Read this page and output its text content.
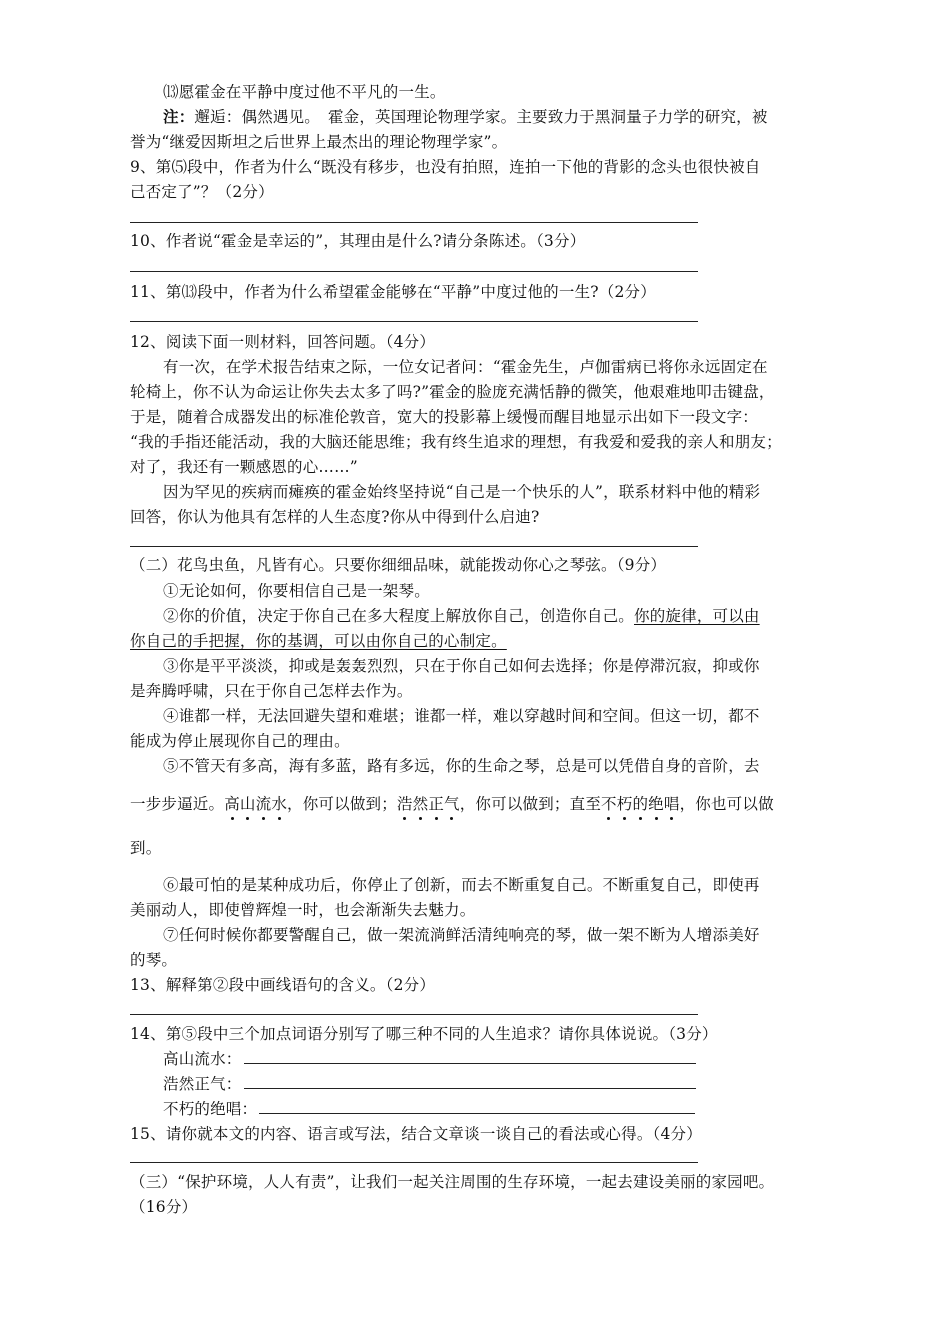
⒀愿霍金在平静中度过他不平凡的一生。
注：邂逅：偶然遇见。　霍金，英国理论物理学家。主要致力于黑洞量子力学的研究，被
誉为“继爱因斯坦之后世界上最杰出的理论物理学家”。
9、第⑸段中，作者为什么“既没有移步，也没有拍照，连拍一下他的背影的念头也很快被自
己否定了”？（2分）
10、作者说“霍金是幸运的”，其理由是什么?请分条陈述。（3分）
11、第⒀段中，作者为什么希望霍金能够在“平静”中度过他的一生?（2分）
12、阅读下面一则材料，回答问题。（4分）
有一次，在学术报告结束之际，一位女记者问：“霍金先生，卢伽雷病已将你永远固定在
轮椅上，你不认为命运让你失去太多了吗?”霍金的脸庞充满恬静的微笑，他艰难地叩击键盘，
于是，随着合成器发出的标准伦敦音，宽大的投影幕上缓慢而醒目地显示出如下一段文字：
“我的手指还能活动，我的大脑还能思维；我有终生追求的理想，有我爱和爱我的亲人和朋友；
对了，我还有一颗感恩的心……”
因为罕见的疾病而瘫痪的霍金始终坚持说“自己是一个快乐的人”，联系材料中他的精彩
回答，你认为他具有怎样的人生态度?你从中得到什么启迪?
（二）花鸟虫鱼，凡皆有心。只要你细细品味，就能拨动你心之琴弦。（9分）
①无论如何，你要相信自己是一架琴。
②你的价值，决定于你自己在多大程度上解放你自己，创造你自己。你的旋律，可以由
你自己的手把握，你的基调，可以由你自己的心制定。
③你是平平淡淡，抑或是轰轰烈烈，只在于你自己如何去选择；你是停滞沉寂，抑或你
是奔腾呼啸，只在于你自己怎样去作为。
④谁都一样，无法回避失望和难堪；谁都一样，难以穿越时间和空间。但这一切，都不
能成为停止展现你自己的理由。
⑤不管天有多高，海有多蓝，路有多远，你的生命之琴，总是可以凭借自身的音阶，去
一步步逼近。高山流水，你可以做到；浩然正气，你可以做到；直至不朽的绝唱，你也可以做
到。
⑥最可怕的是某种成功后，你停止了创新，而去不断重复自己。不断重复自己，即使再
美丽动人，即使曾辉煌一时，也会渐渐失去魅力。
⑦任何时候你都要警醒自己，做一架流淌鲜活清纯响亮的琴，做一架不断为人增添美好
的琴。
13、解释第②段中画线语句的含义。（2分）
14、第⑤段中三个加点词语分别写了哪三种不同的人生追求？请你具体说说。（3分）
高山流水：
浩然正气：
不朽的绝唱：
15、请你就本文的内容、语言或写法，结合文章谈一谈自己的看法或心得。（4分）
（三）“保护环境，人人有责”，让我们一起关注周围的生存环境，一起去建设美丽的家园吧。
（16分）
